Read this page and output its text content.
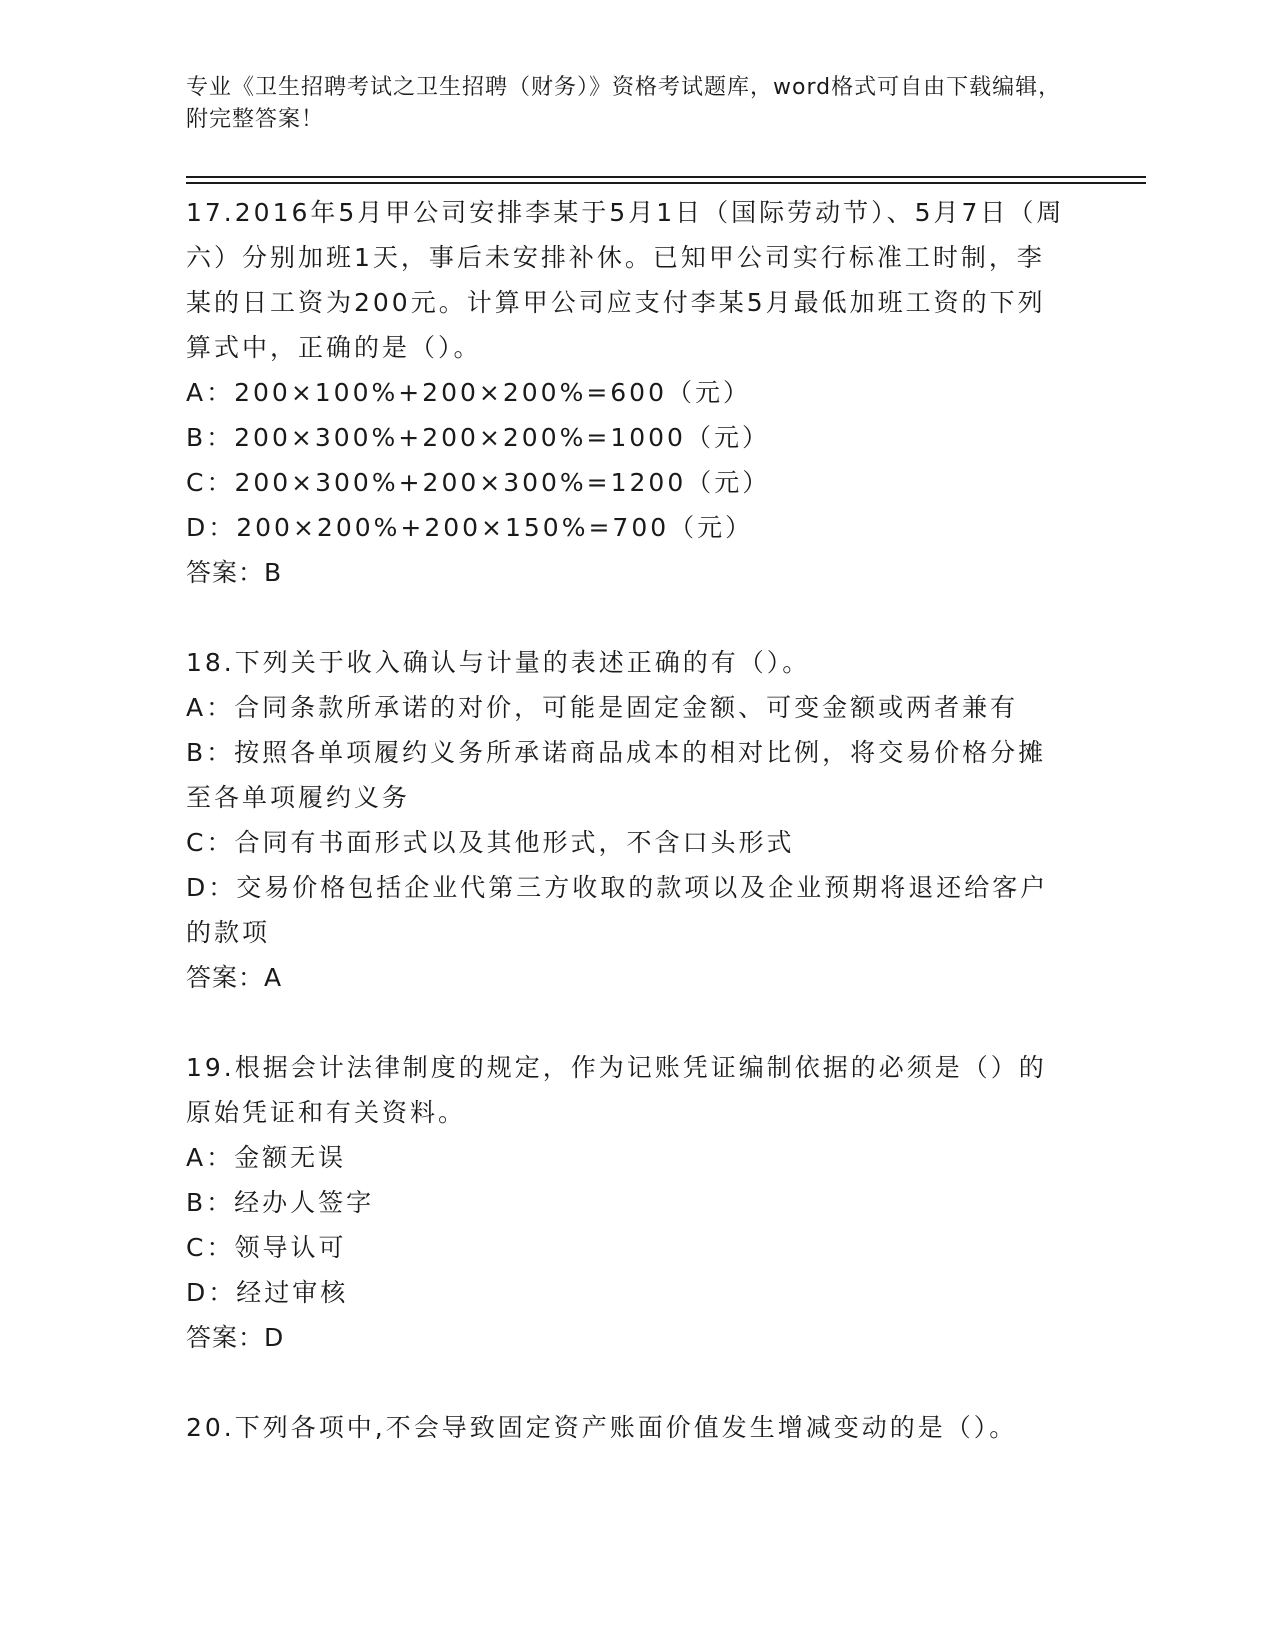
专业《卫生招聘考试之卫生招聘（财务）》资格考试题库，word格式可自由下载编辑，附完整答案！

17.2016年5月甲公司安排李某于5月1日（国际劳动节）、5月7日（周六）分别加班1天，事后未安排补休。已知甲公司实行标准工时制，李某的日工资为200元。计算甲公司应支付李某5月最低加班工资的下列算式中，正确的是（）。

A：200×100%+200×200%=600（元）

B：200×300%+200×200%=1000（元）

C：200×300%+200×300%=1200（元）

D：200×200%+200×150%=700（元）

答案：B

18.下列关于收入确认与计量的表述正确的有（）。

A：合同条款所承诺的对价，可能是固定金额、可变金额或两者兼有

B：按照各单项履约义务所承诺商品成本的相对比例，将交易价格分摊至各单项履约义务

C：合同有书面形式以及其他形式，不含口头形式

D：交易价格包括企业代第三方收取的款项以及企业预期将退还给客户的款项

答案：A

19.根据会计法律制度的规定，作为记账凭证编制依据的必须是（）的原始凭证和有关资料。

A：金额无误

B：经办人签字

C：领导认可

D：经过审核

答案：D

20.下列各项中,不会导致固定资产账面价值发生增减变动的是（）。
